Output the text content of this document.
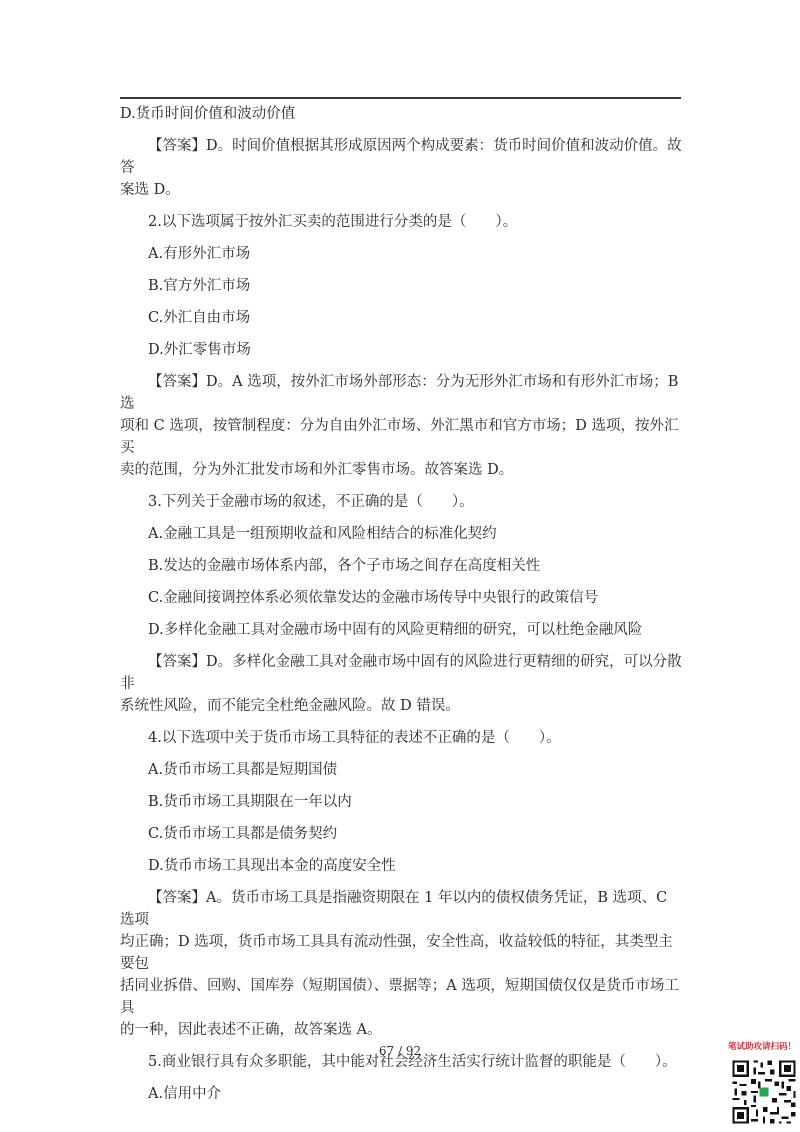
D.货币时间价值和波动价值

【答案】D。时间价值根据其形成原因两个构成要素：货币时间价值和波动价值。故答

案选 D。

2.以下选项属于按外汇买卖的范围进行分类的是（　　）。

A.有形外汇市场

B.官方外汇市场

C.外汇自由市场

D.外汇零售市场

【答案】D。A 选项，按外汇市场外部形态：分为无形外汇市场和有形外汇市场；B 选

项和 C 选项，按管制程度：分为自由外汇市场、外汇黑市和官方市场；D 选项，按外汇买

卖的范围，分为外汇批发市场和外汇零售市场。故答案选 D。

3.下列关于金融市场的叙述，不正确的是（　　）。

A.金融工具是一组预期收益和风险相结合的标准化契约

B.发达的金融市场体系内部，各个子市场之间存在高度相关性

C.金融间接调控体系必须依靠发达的金融市场传导中央银行的政策信号

D.多样化金融工具对金融市场中固有的风险更精细的研究，可以杜绝金融风险

【答案】D。多样化金融工具对金融市场中固有的风险进行更精细的研究，可以分散非

系统性风险，而不能完全杜绝金融风险。故 D 错误。

4.以下选项中关于货币市场工具特征的表述不正确的是（　　）。

A.货币市场工具都是短期国债

B.货币市场工具期限在一年以内

C.货币市场工具都是债务契约

D.货币市场工具现出本金的高度安全性

【答案】A。货币市场工具是指融资期限在 1 年以内的债权债务凭证，B 选项、C 选项

均正确；D 选项，货币市场工具具有流动性强，安全性高，收益较低的特征，其类型主要包

括同业拆借、回购、国库券（短期国债）、票据等；A 选项，短期国债仅仅是货币市场工具

的一种，因此表述不正确，故答案选 A。

5.商业银行具有众多职能，其中能对社会经济生活实行统计监督的职能是（　　）。

A.信用中介

67 / 92	笔试助攻请扫码！
